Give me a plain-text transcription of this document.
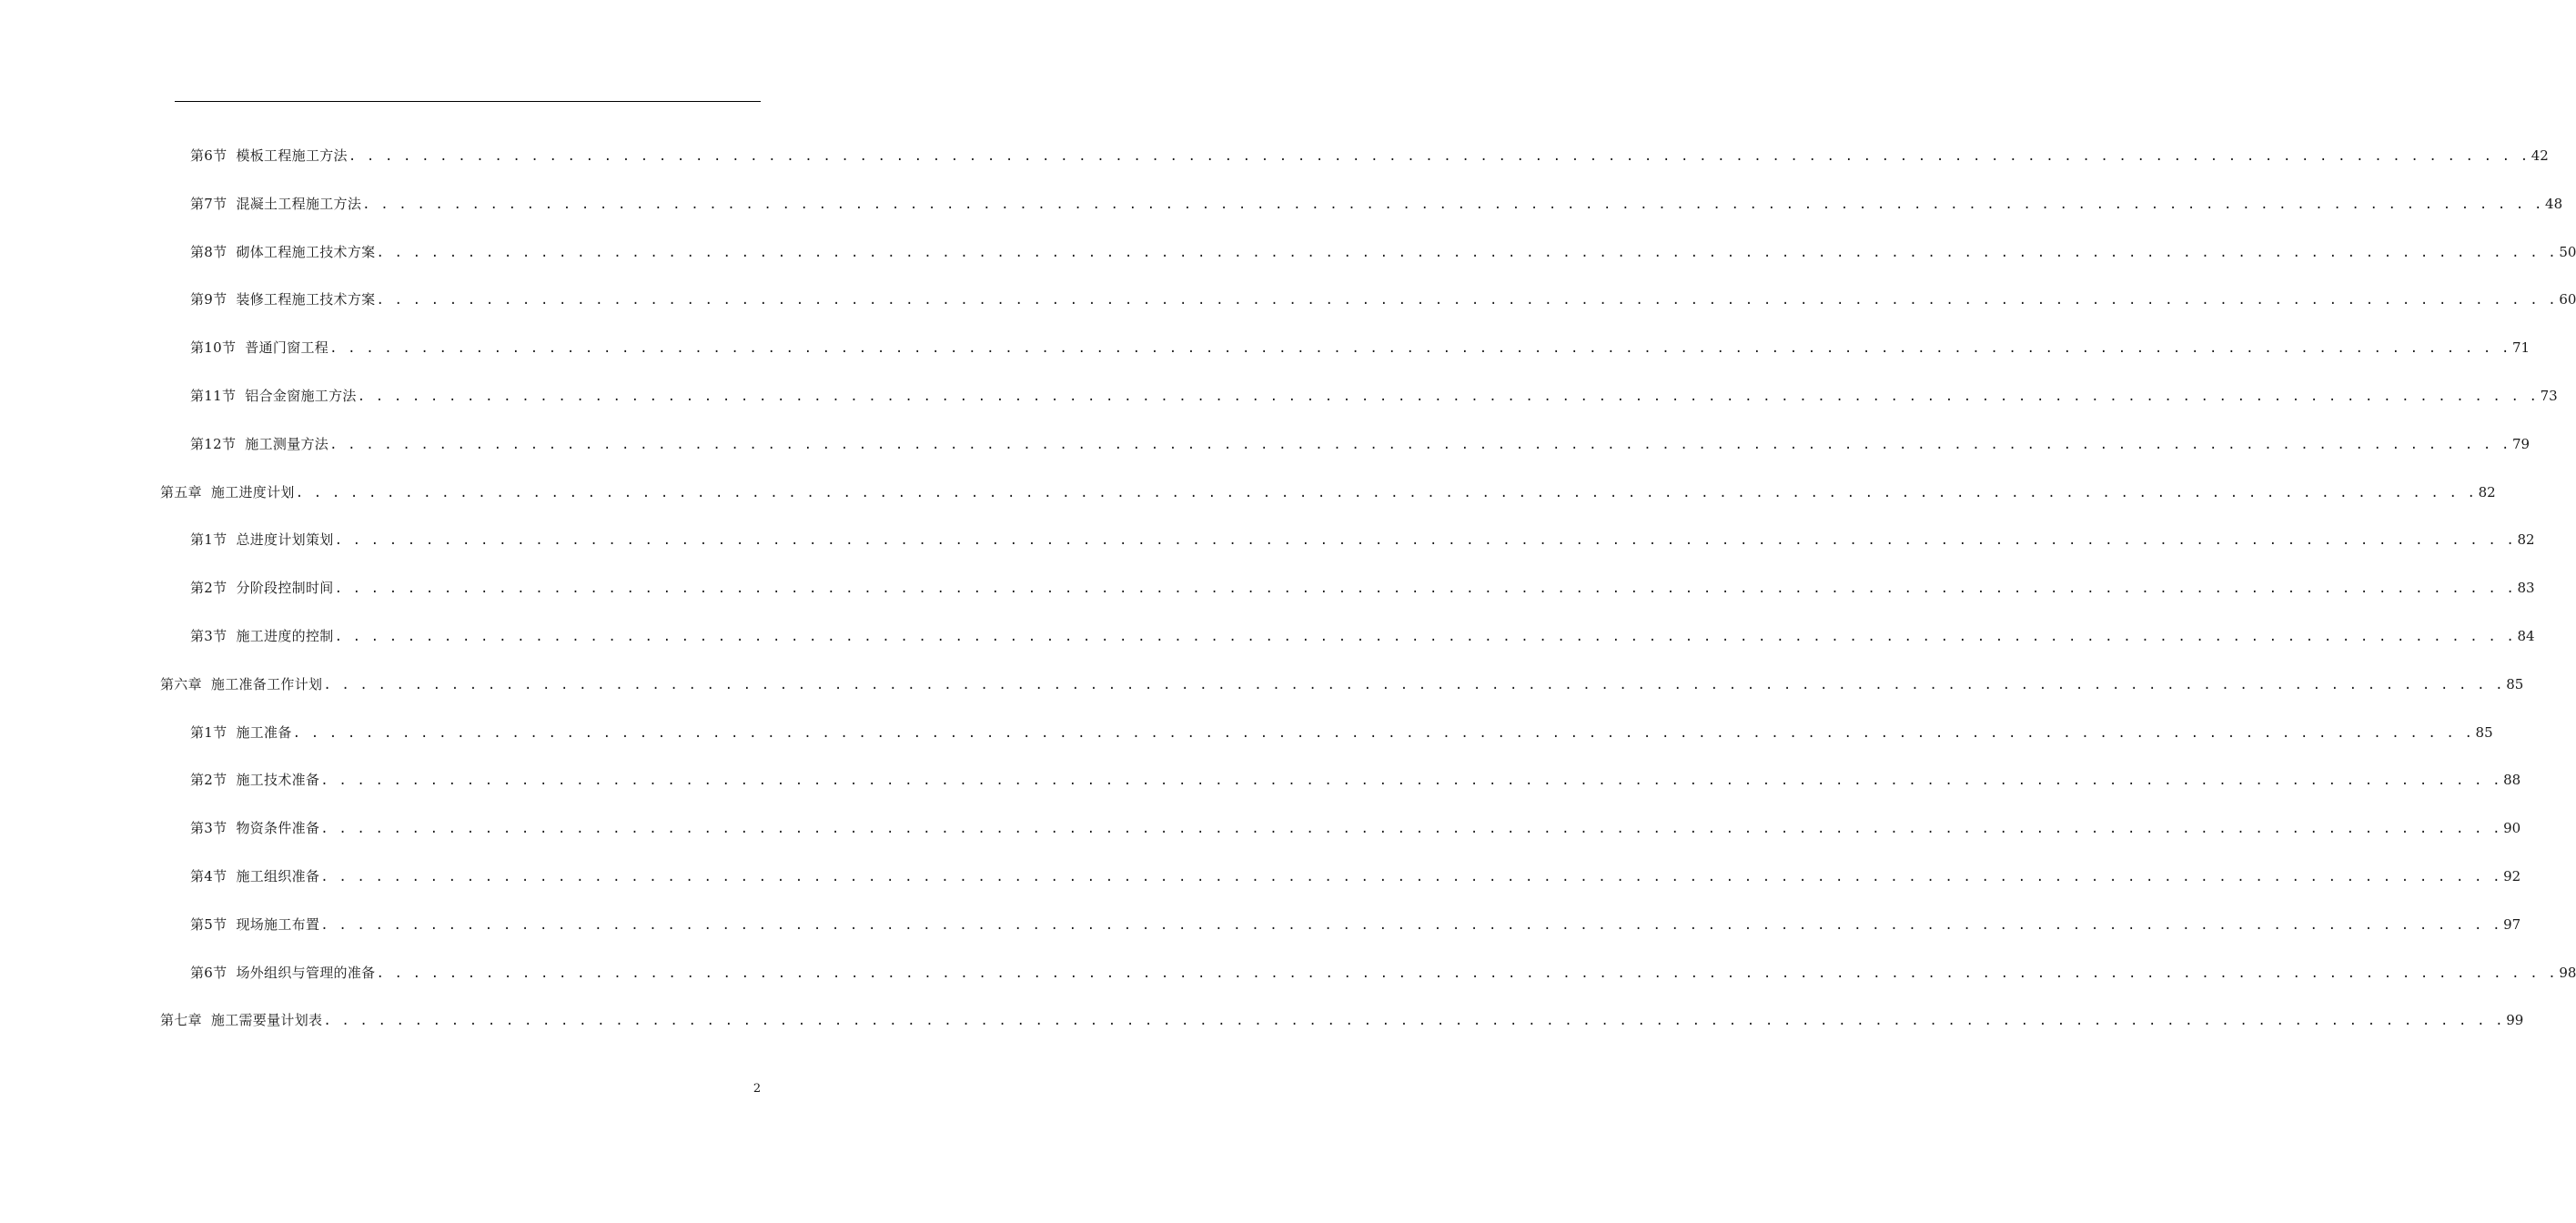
第6节 模板工程施工方法 . . . . . . . . . . . . . . . . . . . . . . . . . . . . . . . . . . . . . . . . . . . . . . . . . . . . . . . . . . . . . . . . . . . . . . . . . . . . . . . . . . . . . . . . . . . . . . . . . . . . . . . . . . . . . . . . . . . . . . . . 42
第7节 混凝土工程施工方法 . . . . . . . . . . . . . . . . . . . . . . . . . . . . . . . . . . . . . . . . . . . . . . . . . . . . . . . . . . . . . . . . . . . . . . . . . . . . . . . . . . . . . . . . . . . . . . . . . . . . . . . . . . . . . . . . . . . . . . . . 48
第8节 砌体工程施工技术方案 . . . . . . . . . . . . . . . . . . . . . . . . . . . . . . . . . . . . . . . . . . . . . . . . . . . . . . . . . . . . . . . . . . . . . . . . . . . . . . . . . . . . . . . . . . . . . . . . . . . . . . . . . . . . . . . . . . . . . . . . 50
第9节 装修工程施工技术方案 . . . . . . . . . . . . . . . . . . . . . . . . . . . . . . . . . . . . . . . . . . . . . . . . . . . . . . . . . . . . . . . . . . . . . . . . . . . . . . . . . . . . . . . . . . . . . . . . . . . . . . . . . . . . . . . . . . . . . . . . 60
第10节 普通门窗工程 . . . . . . . . . . . . . . . . . . . . . . . . . . . . . . . . . . . . . . . . . . . . . . . . . . . . . . . . . . . . . . . . . . . . . . . . . . . . . . . . . . . . . . . . . . . . . . . . . . . . . . . . . . . . . . . . . . . . . . . . 71
第11节 铝合金窗施工方法 . . . . . . . . . . . . . . . . . . . . . . . . . . . . . . . . . . . . . . . . . . . . . . . . . . . . . . . . . . . . . . . . . . . . . . . . . . . . . . . . . . . . . . . . . . . . . . . . . . . . . . . . . . . . . . . . . . . . . . . . 73
第12节 施工测量方法 . . . . . . . . . . . . . . . . . . . . . . . . . . . . . . . . . . . . . . . . . . . . . . . . . . . . . . . . . . . . . . . . . . . . . . . . . . . . . . . . . . . . . . . . . . . . . . . . . . . . . . . . . . . . . . . . . . . . . . . . 79
第五章 施工进度计划 . . . . . . . . . . . . . . . . . . . . . . . . . . . . . . . . . . . . . . . . . . . . . . . . . . . . . . . . . . . . . . . . . . . . . . . . . . . . . . . . . . . . . . . . . . . . . . . . . . . . . . . . . . . . . . . . . . . . . . . . 82
第1节 总进度计划策划 . . . . . . . . . . . . . . . . . . . . . . . . . . . . . . . . . . . . . . . . . . . . . . . . . . . . . . . . . . . . . . . . . . . . . . . . . . . . . . . . . . . . . . . . . . . . . . . . . . . . . . . . . . . . . . . . . . . . . . . . 82
第2节 分阶段控制时间 . . . . . . . . . . . . . . . . . . . . . . . . . . . . . . . . . . . . . . . . . . . . . . . . . . . . . . . . . . . . . . . . . . . . . . . . . . . . . . . . . . . . . . . . . . . . . . . . . . . . . . . . . . . . . . . . . . . . . . . . 83
第3节 施工进度的控制 . . . . . . . . . . . . . . . . . . . . . . . . . . . . . . . . . . . . . . . . . . . . . . . . . . . . . . . . . . . . . . . . . . . . . . . . . . . . . . . . . . . . . . . . . . . . . . . . . . . . . . . . . . . . . . . . . . . . . . . . 84
第六章 施工准备工作计划 . . . . . . . . . . . . . . . . . . . . . . . . . . . . . . . . . . . . . . . . . . . . . . . . . . . . . . . . . . . . . . . . . . . . . . . . . . . . . . . . . . . . . . . . . . . . . . . . . . . . . . . . . . . . . . . . . . . . . . . . 85
第1节 施工准备 . . . . . . . . . . . . . . . . . . . . . . . . . . . . . . . . . . . . . . . . . . . . . . . . . . . . . . . . . . . . . . . . . . . . . . . . . . . . . . . . . . . . . . . . . . . . . . . . . . . . . . . . . . . . . . . . . . . . . . . . 85
第2节 施工技术准备 . . . . . . . . . . . . . . . . . . . . . . . . . . . . . . . . . . . . . . . . . . . . . . . . . . . . . . . . . . . . . . . . . . . . . . . . . . . . . . . . . . . . . . . . . . . . . . . . . . . . . . . . . . . . . . . . . . . . . . . . 88
第3节 物资条件准备 . . . . . . . . . . . . . . . . . . . . . . . . . . . . . . . . . . . . . . . . . . . . . . . . . . . . . . . . . . . . . . . . . . . . . . . . . . . . . . . . . . . . . . . . . . . . . . . . . . . . . . . . . . . . . . . . . . . . . . . . 90
第4节 施工组织准备 . . . . . . . . . . . . . . . . . . . . . . . . . . . . . . . . . . . . . . . . . . . . . . . . . . . . . . . . . . . . . . . . . . . . . . . . . . . . . . . . . . . . . . . . . . . . . . . . . . . . . . . . . . . . . . . . . . . . . . . . 92
第5节 现场施工布置 . . . . . . . . . . . . . . . . . . . . . . . . . . . . . . . . . . . . . . . . . . . . . . . . . . . . . . . . . . . . . . . . . . . . . . . . . . . . . . . . . . . . . . . . . . . . . . . . . . . . . . . . . . . . . . . . . . . . . . . . 97
第6节 场外组织与管理的准备 . . . . . . . . . . . . . . . . . . . . . . . . . . . . . . . . . . . . . . . . . . . . . . . . . . . . . . . . . . . . . . . . . . . . . . . . . . . . . . . . . . . . . . . . . . . . . . . . . . . . . . . . . . . . . . . . . . . . . . . . 98
第七章 施工需要量计划表 . . . . . . . . . . . . . . . . . . . . . . . . . . . . . . . . . . . . . . . . . . . . . . . . . . . . . . . . . . . . . . . . . . . . . . . . . . . . . . . . . . . . . . . . . . . . . . . . . . . . . . . . . . . . . . . . . . . . . . . . 99
2
